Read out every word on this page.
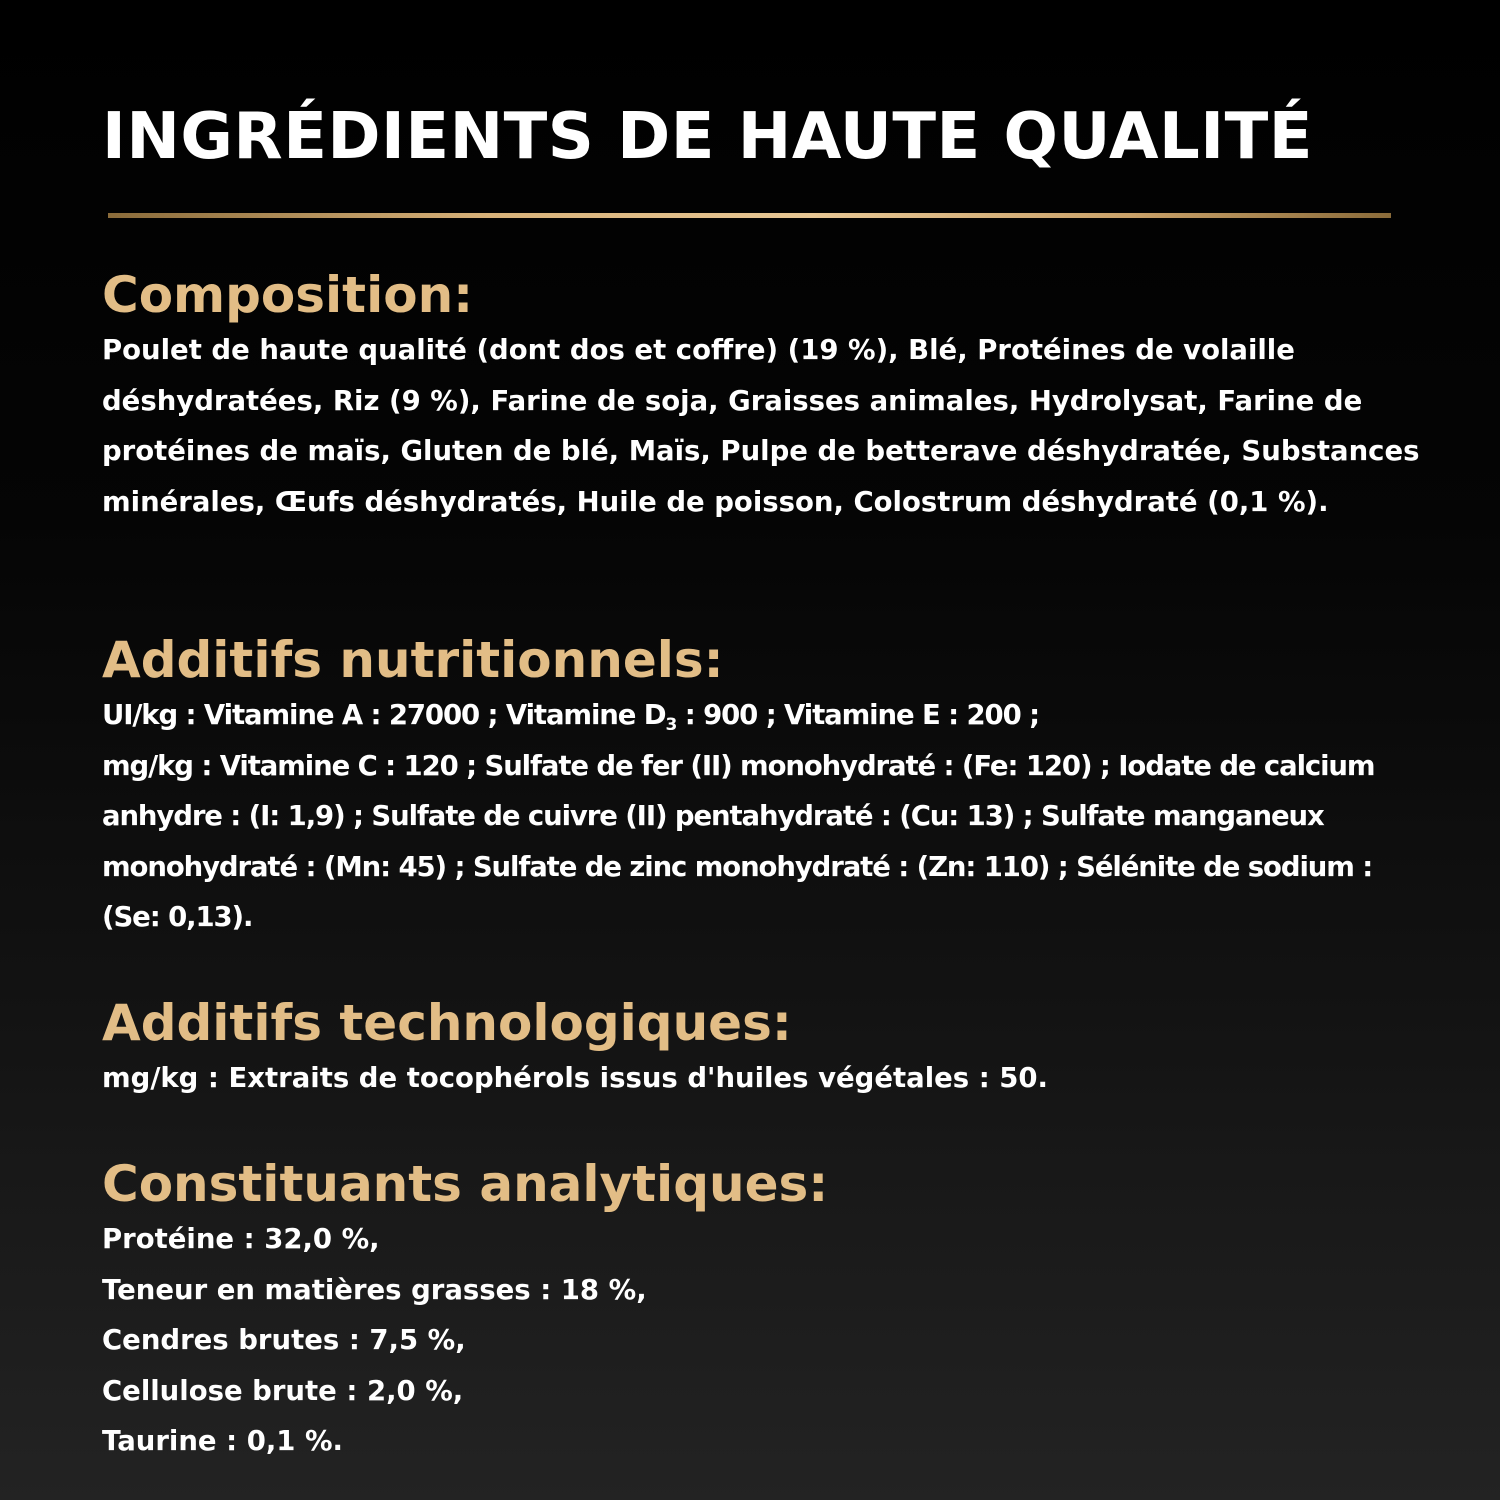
INGRÉDIENTS DE HAUTE QUALITÉ
Composition:

Poulet de haute qualité (dont dos et coffre) (19 %), Blé, Protéines de volaille déshydratées, Riz (9 %), Farine de soja, Graisses animales, Hydrolysat, Farine de protéines de maïs, Gluten de blé, Maïs, Pulpe de betterave déshydratée, Substances minérales, Œufs déshydratés, Huile de poisson, Colostrum déshydraté (0,1 %).

Additifs nutritionnels:
UI/kg : Vitamine A : 27000 ; Vitamine $D_3$ : 900 ; Vitamine E : 200 ;

mg/kg : Vitamine C : 120 ; Sulfate de fer (II) monohydraté : (Fe: 120) ; Iodate de calcium anhydre : (I: 1,9) ; Sulfate de cuivre (II) pentahydraté : (Cu: 13) ; Sulfate manganeux monohydraté : (Mn: 45) ; Sulfate de zinc monohydraté : (Zn: 110) ; Sélénite de sodium : (Se: 0,13).

Additifs technologiques:

mg/kg : Extraits de tocophérols issus d'huiles végétales : 50.

Constituants analytiques:
Protéine : 32,0 %,
Teneur en matières grasses : 18 %,
Cendres brutes : 7,5 %,
Cellulose brute : 2,0 %,
Taurine : 0,1 %.
